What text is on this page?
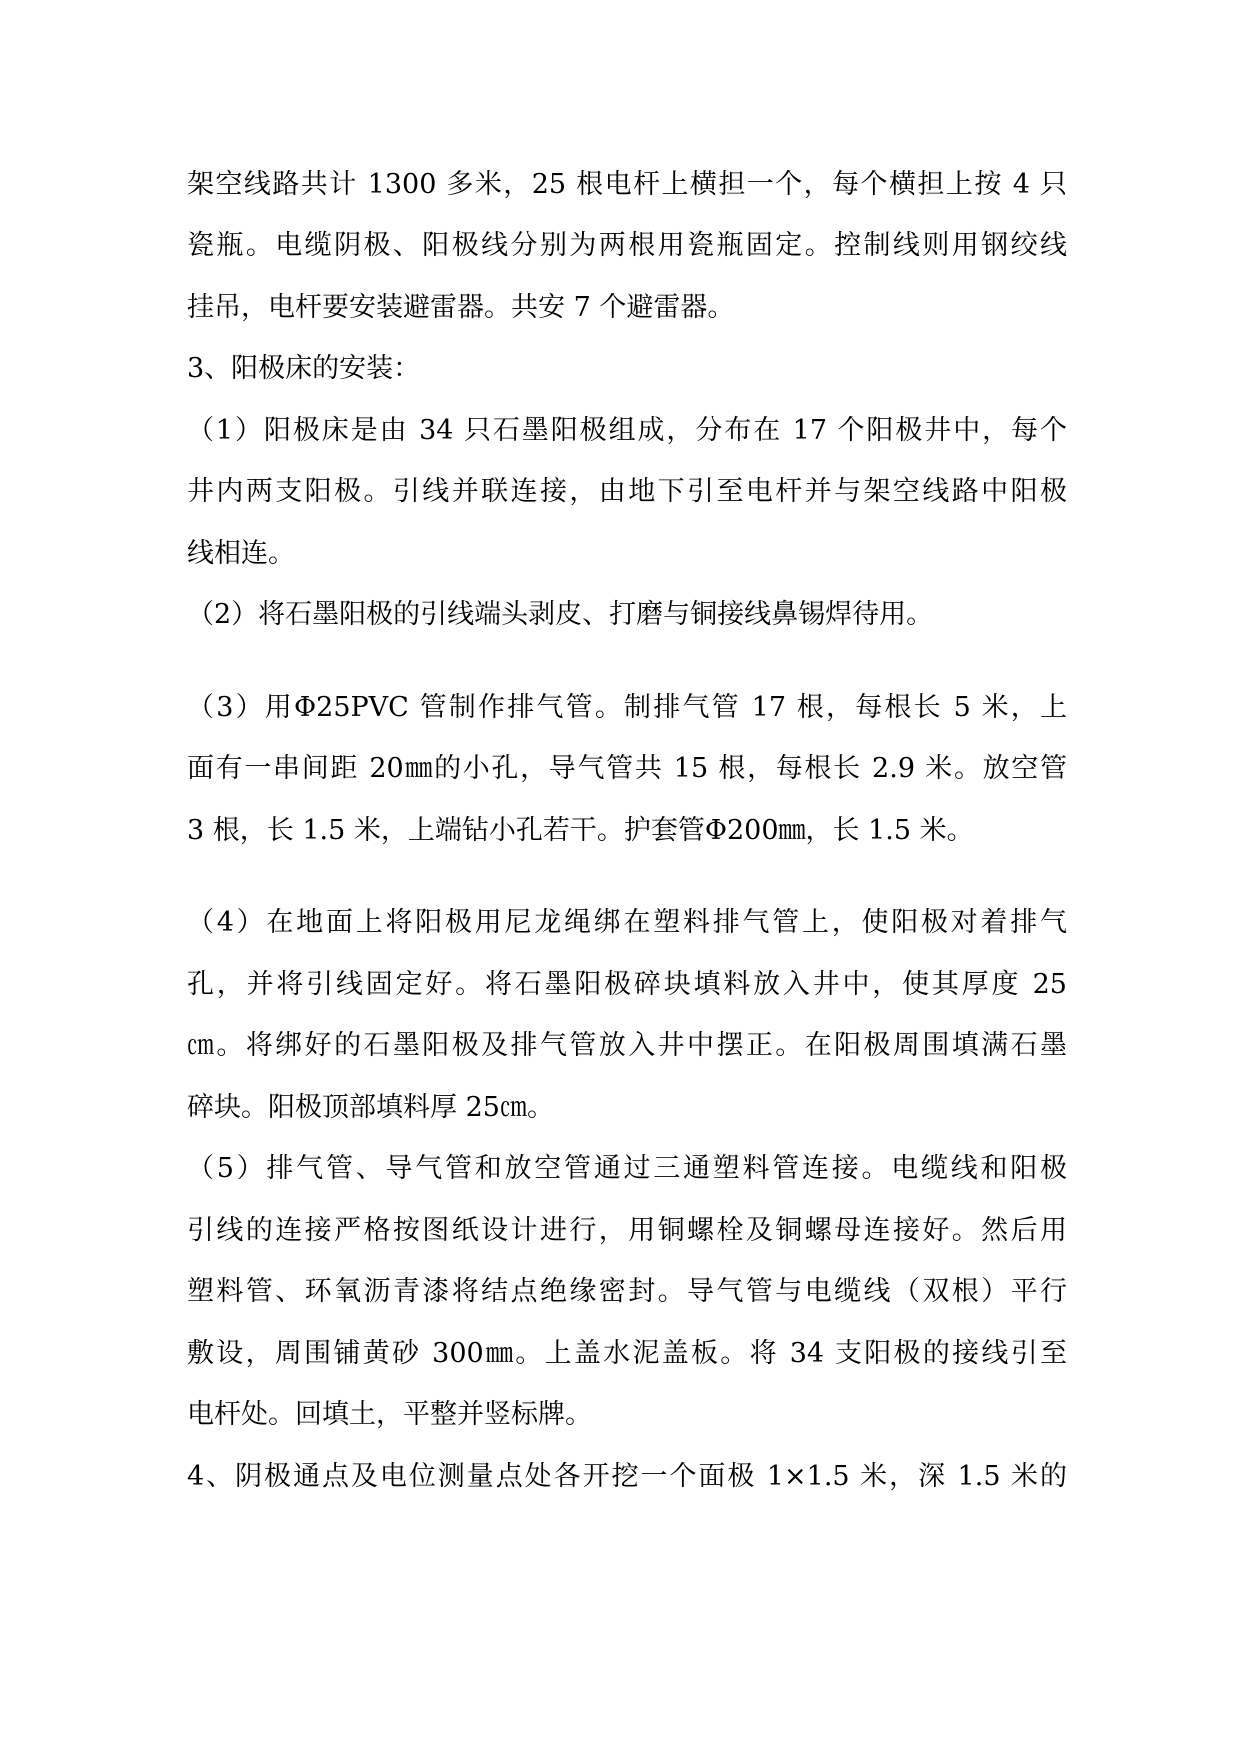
架空线路共计 1300 多米，25 根电杆上横担一个，每个横担上按 4 只
瓷瓶。电缆阴极、阳极线分别为两根用瓷瓶固定。控制线则用钢绞线
挂吊，电杆要安装避雷器。共安 7 个避雷器。
3、阳极床的安装：
（1）阳极床是由 34 只石墨阳极组成，分布在 17 个阳极井中，每个
井内两支阳极。引线并联连接，由地下引至电杆并与架空线路中阳极
线相连。
（2）将石墨阳极的引线端头剥皮、打磨与铜接线鼻锡焊待用。
（3）用Φ25PVC 管制作排气管。制排气管 17 根，每根长 5 米，上
面有一串间距 20㎜的小孔，导气管共 15 根，每根长 2.9 米。放空管
3 根，长 1.5 米，上端钻小孔若干。护套管Φ200㎜，长 1.5 米。
（4）在地面上将阳极用尼龙绳绑在塑料排气管上，使阳极对着排气
孔，并将引线固定好。将石墨阳极碎块填料放入井中，使其厚度 25
㎝。将绑好的石墨阳极及排气管放入井中摆正。在阳极周围填满石墨
碎块。阳极顶部填料厚 25㎝。
（5）排气管、导气管和放空管通过三通塑料管连接。电缆线和阳极
引线的连接严格按图纸设计进行，用铜螺栓及铜螺母连接好。然后用
塑料管、环氧沥青漆将结点绝缘密封。导气管与电缆线（双根）平行
敷设，周围铺黄砂 300㎜。上盖水泥盖板。将 34 支阳极的接线引至
电杆处。回填土，平整并竖标牌。
4、阴极通点及电位测量点处各开挖一个面极 1×1.5 米，深 1.5 米的
